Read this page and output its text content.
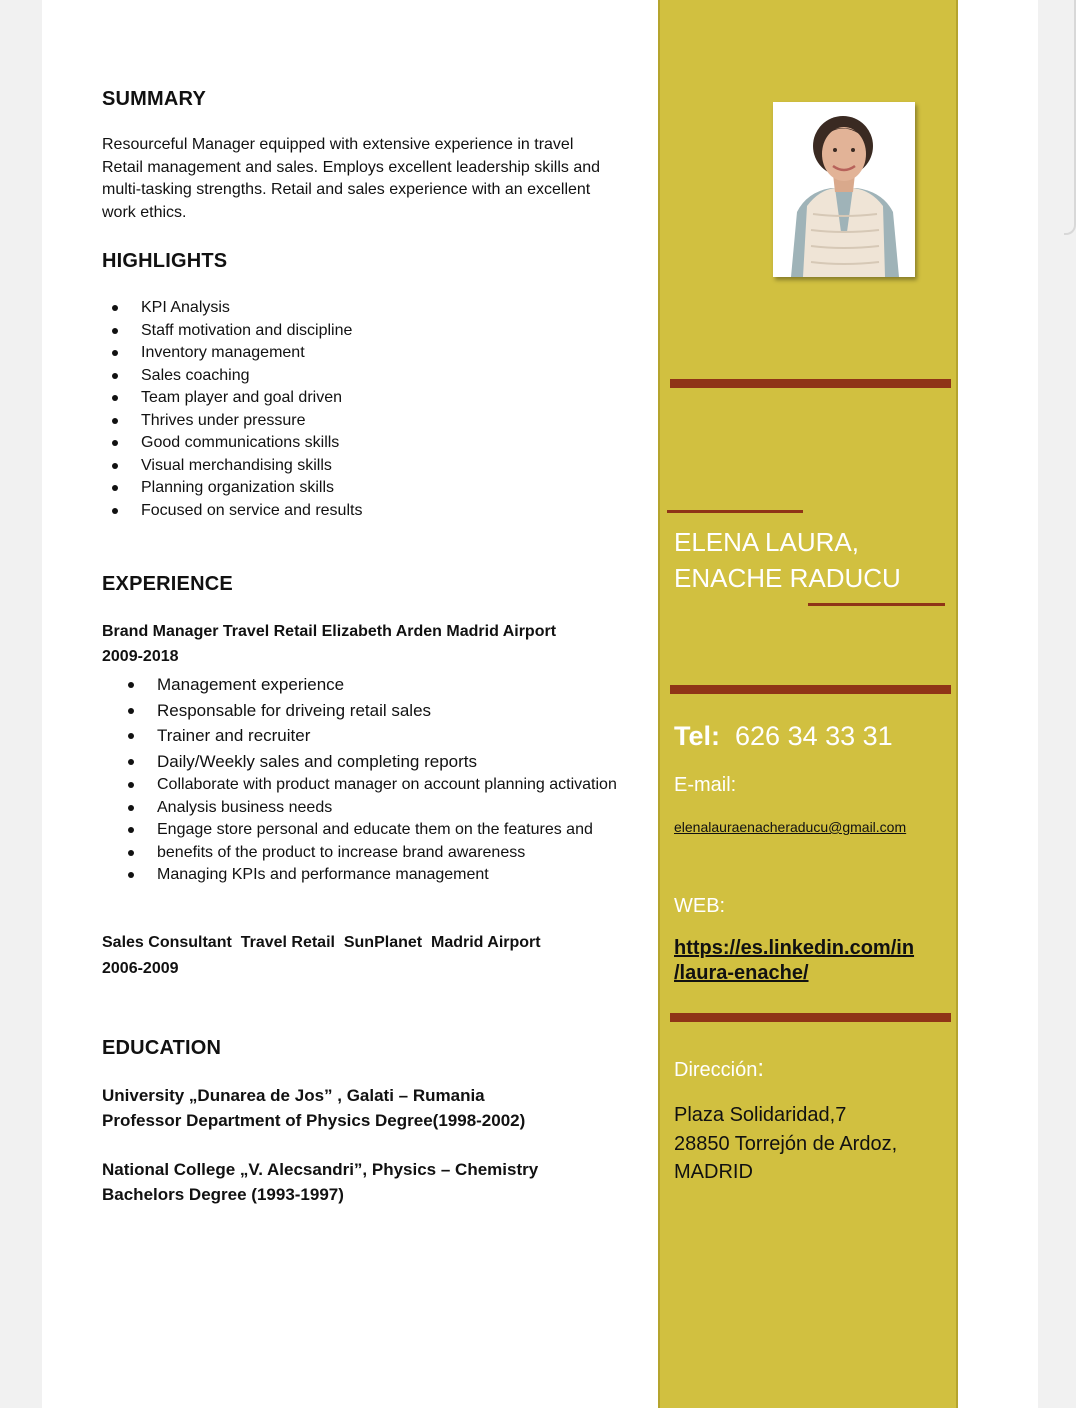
SUMMARY
Resourceful Manager equipped with extensive experience in travel
Retail management and sales. Employs excellent leadership skills and
multi-tasking strengths. Retail and sales experience with an excellent
work ethics.
HIGHLIGHTS
KPI Analysis
Staff motivation and discipline
Inventory management
Sales coaching
Team player and goal driven
Thrives under pressure
Good communications skills
Visual merchandising skills
Planning organization skills
Focused on service and results
EXPERIENCE
Brand Manager Travel Retail Elizabeth Arden Madrid Airport
2009-2018
Management experience
Responsable for driveing retail sales
Trainer and recruiter
Daily/Weekly sales and completing reports
Collaborate with product manager on account planning activation
Analysis business needs
Engage store personal and educate them on the features and
benefits of the product to increase brand awareness
Managing KPIs and performance management
Sales Consultant  Travel Retail  SunPlanet  Madrid Airport
2006-2009
EDUCATION
University „Dunarea de Jos” , Galati – Rumania
Professor Department of Physics Degree(1998-2002)
National College „V. Alecsandri”, Physics – Chemistry
Bachelors Degree (1993-1997)
ELENA LAURA,
ENACHE RADUCU
Tel: 626 34 33 31
E-mail:
elenalauraenacheraducu@gmail.com
WEB:
https://es.linkedin.com/in
/laura-enache/
Dirección:
Plaza Solidaridad,7
28850 Torrejón de Ardoz,
MADRID
